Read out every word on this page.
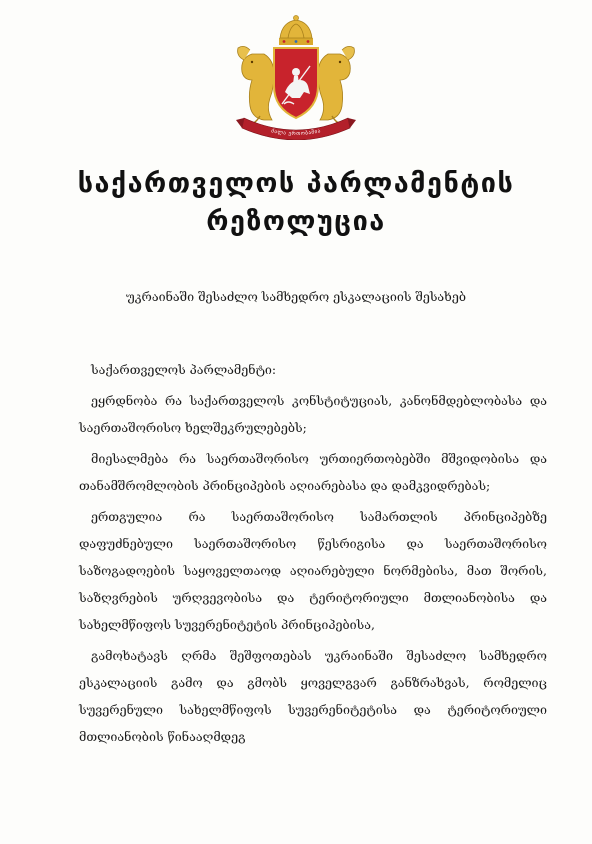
ძალა ერთობაშია
საქართველოს პარლამენტის
რეზოლუცია
უკრაინაში შესაძლო სამხედრო ესკალაციის შესახებ

საქართველოს პარლამენტი:

ეყრდნობა რა საქართველოს კონსტიტუციას, კანონმდებლობასა და საერთაშორისო ხელშეკრულებებს;

მიესალმება რა საერთაშორისო ურთიერთობებში მშვიდობისა და თანამშრომლობის პრინციპების აღიარებასა და დამკვიდრებას;

ერთგულია რა საერთაშორისო სამართლის პრინციპებზე დაფუძნებული საერთაშორისო წესრიგისა და საერთაშორისო საზოგადოების საყოველთაოდ აღიარებული ნორმებისა, მათ შორის, საზღვრების ურღვევობისა და ტერიტორიული მთლიანობისა და სახელმწიფოს სუვერენიტეტის პრინციპებისა,

გამოხატავს ღრმა შეშფოთებას უკრაინაში შესაძლო სამხედრო ესკალაციის გამო და გმობს ყოველგვარ განზრახვას, რომელიც სუვერენული სახელმწიფოს სუვერენიტეტისა და ტერიტორიული მთლიანობის წინააღმდეგ
